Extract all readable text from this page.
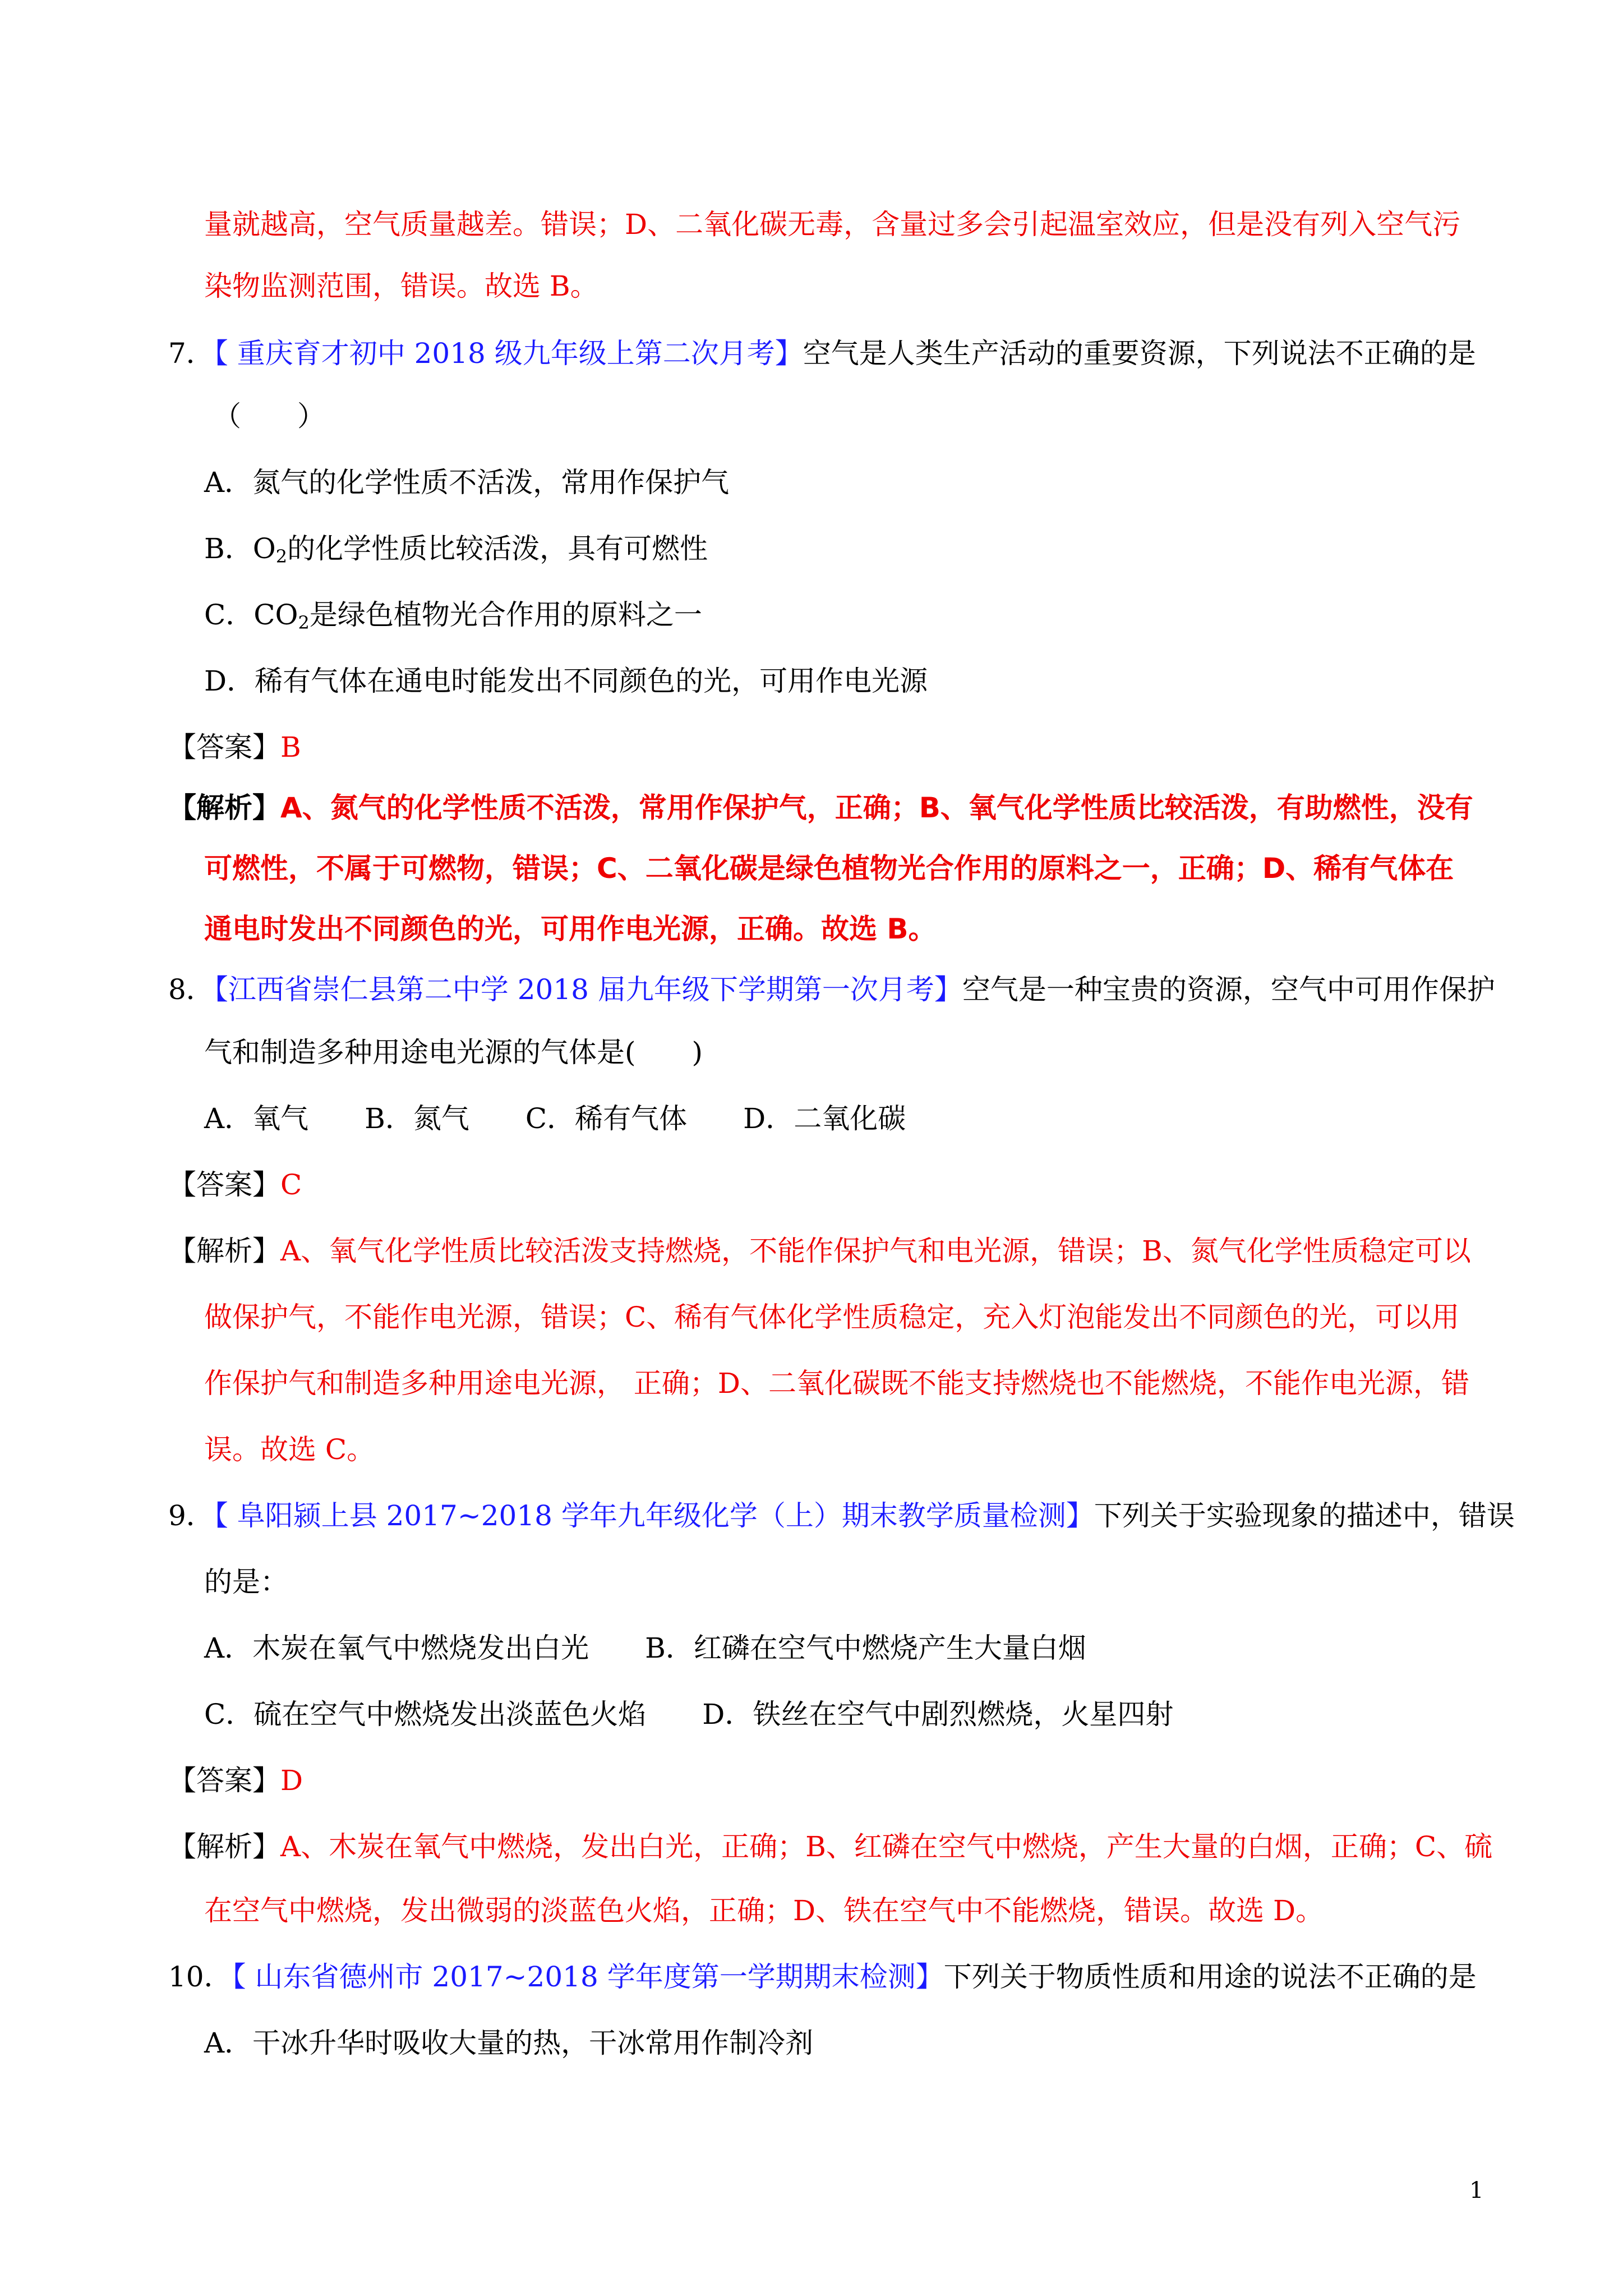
量就越高，空气质量越差。错误；D、二氧化碳无毒，含量过多会引起温室效应，但是没有列入空气污
染物监测范围，错误。故选 B。
7．【 重庆育才初中 2018 级九年级上第二次月考】空气是人类生产活动的重要资源，下列说法不正确的是
（　　）
A．氮气的化学性质不活泼，常用作保护气
B．$O_2$的化学性质比较活泼，具有可燃性
C．$CO_2$是绿色植物光合作用的原料之一
D．稀有气体在通电时能发出不同颜色的光，可用作电光源
【答案】B
【解析】A、氮气的化学性质不活泼，常用作保护气，正确；B、氧气化学性质比较活泼，有助燃性，没有
可燃性，不属于可燃物，错误；C、二氧化碳是绿色植物光合作用的原料之一，正确；D、稀有气体在
通电时发出不同颜色的光，可用作电光源，正确。故选 B。
8．【江西省崇仁县第二中学 2018 届九年级下学期第一次月考】空气是一种宝贵的资源，空气中可用作保护
气和制造多种用途电光源的气体是(　　)
A．氧气　　B．氮气　　C．稀有气体　　D．二氧化碳
【答案】C
【解析】A、氧气化学性质比较活泼支持燃烧，不能作保护气和电光源，错误；B、氮气化学性质稳定可以
做保护气，不能作电光源，错误；C、稀有气体化学性质稳定，充入灯泡能发出不同颜色的光，可以用
作保护气和制造多种用途电光源， 正确；D、二氧化碳既不能支持燃烧也不能燃烧，不能作电光源，错
误。故选 C。
9．【 阜阳颍上县 2017~2018 学年九年级化学（上）期末教学质量检测】下列关于实验现象的描述中，错误
的是：
A．木炭在氧气中燃烧发出白光　　B．红磷在空气中燃烧产生大量白烟
C．硫在空气中燃烧发出淡蓝色火焰　　D．铁丝在空气中剧烈燃烧，火星四射
【答案】D
【解析】A、木炭在氧气中燃烧，发出白光，正确；B、红磷在空气中燃烧，产生大量的白烟，正确；C、硫
在空气中燃烧，发出微弱的淡蓝色火焰，正确；D、铁在空气中不能燃烧，错误。故选 D。
10．【 山东省德州市 2017~2018 学年度第一学期期末检测】下列关于物质性质和用途的说法不正确的是
A．干冰升华时吸收大量的热，干冰常用作制冷剂
1
